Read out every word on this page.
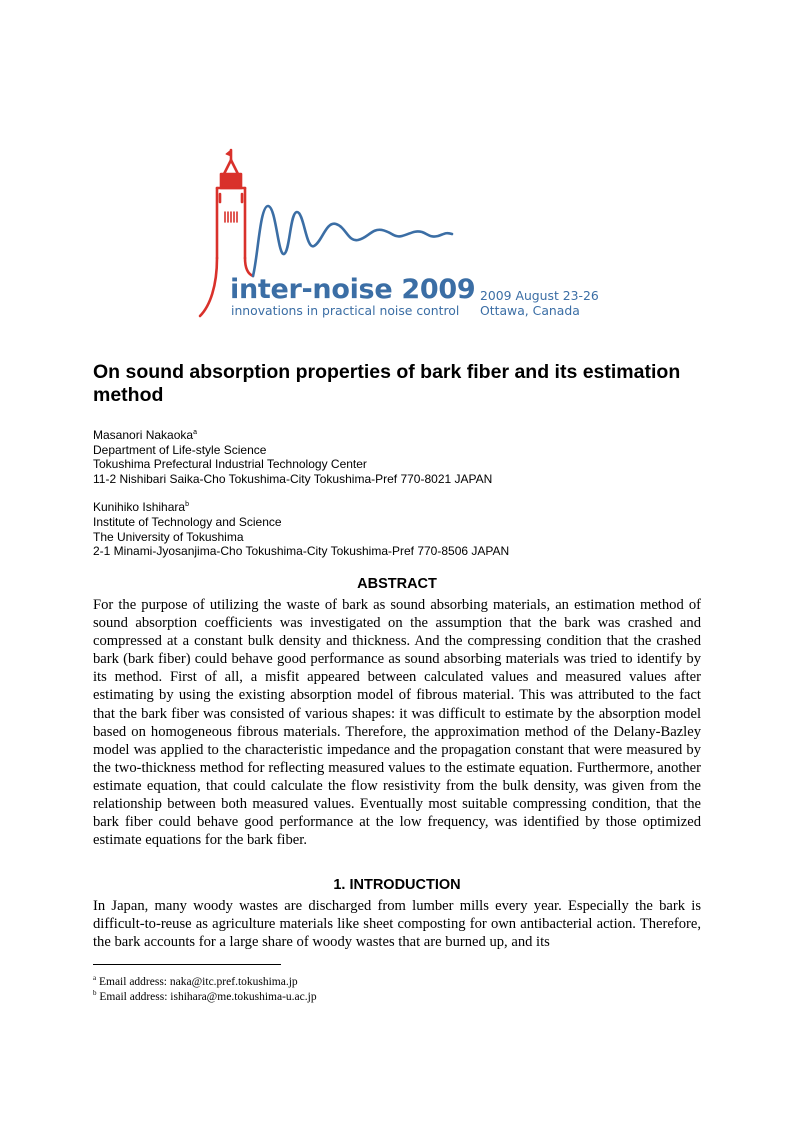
inter-noise 2009
innovations in practical noise control
2009 August 23-26
Ottawa, Canada
On sound absorption properties of bark fiber and its estimation method
Masanori Nakaoka$^a$
Department of Life-style Science
Tokushima Prefectural Industrial Technology Center
11-2 Nishibari Saika-Cho Tokushima-City Tokushima-Pref 770-8021 JAPAN
Kunihiko Ishihara$^b$
Institute of Technology and Science
The University of Tokushima
2-1 Minami-Jyosanjima-Cho Tokushima-City Tokushima-Pref 770-8506 JAPAN
ABSTRACT

For the purpose of utilizing the waste of bark as sound absorbing materials, an estimation method of sound absorption coefficients was investigated on the assumption that the bark was crashed and compressed at a constant bulk density and thickness. And the compressing condition that the crashed bark (bark fiber) could behave good performance as sound absorbing materials was tried to identify by its method. First of all, a misfit appeared between calculated values and measured values after estimating by using the existing absorption model of fibrous material. This was attributed to the fact that the bark fiber was consisted of various shapes: it was difficult to estimate by the absorption model based on homogeneous fibrous materials. Therefore, the approximation method of the Delany-Bazley model was applied to the characteristic impedance and the propagation constant that were measured by the two-thickness method for reflecting measured values to the estimate equation. Furthermore, another estimate equation, that could calculate the flow resistivity from the bulk density, was given from the relationship between both measured values. Eventually most suitable compressing condition, that the bark fiber could behave good performance at the low frequency, was identified by those optimized estimate equations for the bark fiber.

1. INTRODUCTION

In Japan, many woody wastes are discharged from lumber mills every year. Especially the bark is difficult-to-reuse as agriculture materials like sheet composting for own antibacterial action. Therefore, the bark accounts for a large share of woody wastes that are burned up, and its

$^a$ Email address: naka@itc.pref.tokushima.jp
$^b$ Email address: ishihara@me.tokushima-u.ac.jp
